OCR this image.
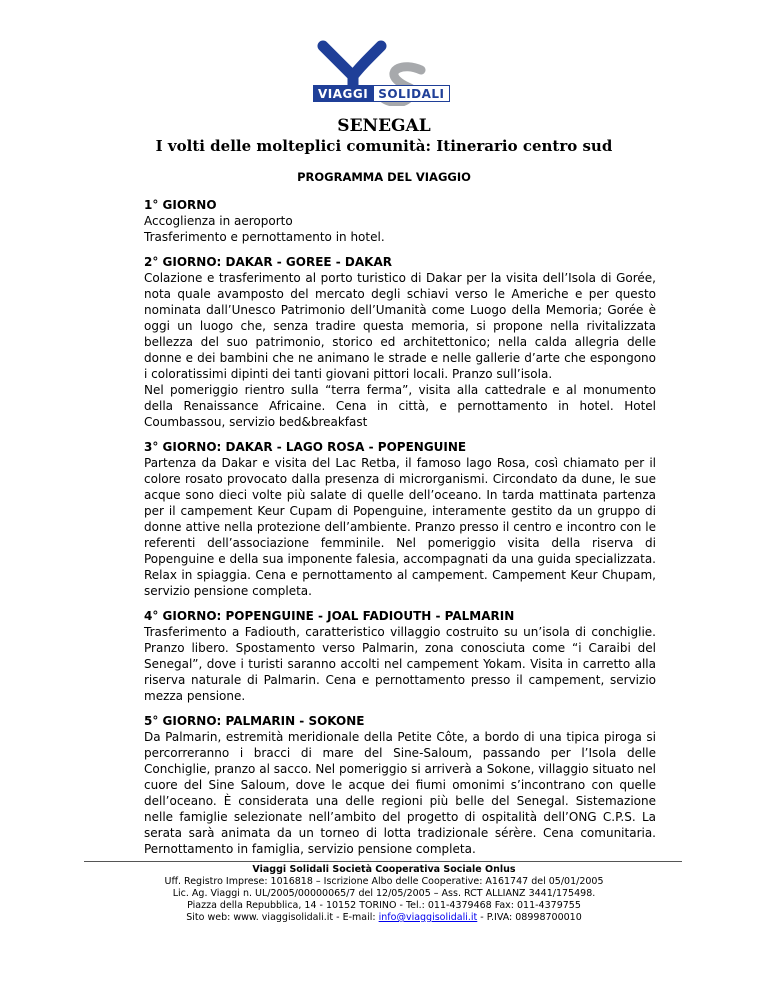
VIAGGI SOLIDALI
SENEGAL
I volti delle molteplici comunità: Itinerario centro sud
PROGRAMMA DEL VIAGGIO
1° GIORNO
Accoglienza in aeroporto
Trasferimento e pernottamento in hotel.
2° GIORNO: DAKAR - GOREE - DAKAR

Colazione e trasferimento al porto turistico di Dakar per la visita dell’Isola di Gorée, nota quale avamposto del mercato degli schiavi verso le Americhe e per questo nominata dall’Unesco Patrimonio dell’Umanità come Luogo della Memoria; Gorée è oggi un luogo che, senza tradire questa memoria, si propone nella rivitalizzata bellezza del suo patrimonio, storico ed architettonico; nella calda allegria delle donne e dei bambini che ne animano le strade e nelle gallerie d’arte che espongono i coloratissimi dipinti dei tanti giovani pittori locali. Pranzo sull’isola.

Nel pomeriggio rientro sulla “terra ferma”, visita alla cattedrale e al monumento della Renaissance Africaine. Cena in città, e pernottamento in hotel. Hotel Coumbassou, servizio bed&breakfast

3° GIORNO: DAKAR - LAGO ROSA - POPENGUINE

Partenza da Dakar e visita del Lac Retba, il famoso lago Rosa, così chiamato per il colore rosato provocato dalla presenza di microrganismi. Circondato da dune, le sue acque sono dieci volte più salate di quelle dell’oceano. In tarda mattinata partenza per il campement Keur Cupam di Popenguine, interamente gestito da un gruppo di donne attive nella protezione dell’ambiente. Pranzo presso il centro e incontro con le referenti dell’associazione femminile. Nel pomeriggio visita della riserva di Popenguine e della sua imponente falesia, accompagnati da una guida specializzata. Relax in spiaggia. Cena e pernottamento al campement. Campement Keur Chupam, servizio pensione completa.

4° GIORNO: POPENGUINE - JOAL FADIOUTH - PALMARIN

Trasferimento a Fadiouth, caratteristico villaggio costruito su un’isola di conchiglie. Pranzo libero. Spostamento verso Palmarin, zona conosciuta come “i Caraibi del Senegal”, dove i turisti saranno accolti nel campement Yokam. Visita in carretto alla riserva naturale di Palmarin. Cena e pernottamento presso il campement, servizio mezza pensione.

5° GIORNO: PALMARIN - SOKONE

Da Palmarin, estremità meridionale della Petite Côte, a bordo di una tipica piroga si percorreranno i bracci di mare del Sine-Saloum, passando per l’Isola delle Conchiglie, pranzo al sacco. Nel pomeriggio si arriverà a Sokone, villaggio situato nel cuore del Sine Saloum, dove le acque dei fiumi omonimi s’incontrano con quelle dell’oceano. È considerata una delle regioni più belle del Senegal. Sistemazione nelle famiglie selezionate nell’ambito del progetto di ospitalità dell’ONG C.P.S. La serata sarà animata da un torneo di lotta tradizionale sérère. Cena comunitaria. Pernottamento in famiglia, servizio pensione completa.

Viaggi Solidali Società Cooperativa Sociale Onlus
Uff. Registro Imprese: 1016818 – Iscrizione Albo delle Cooperative: A161747 del 05/01/2005
Lic. Ag. Viaggi n. UL/2005/00000065/7 del 12/05/2005 – Ass. RCT ALLIANZ 3441/175498.
Piazza della Repubblica, 14 - 10152 TORINO - Tel.: 011-4379468 Fax: 011-4379755
Sito web: www. viaggisolidali.it - E-mail: info@viaggisolidali.it - P.IVA: 08998700010
